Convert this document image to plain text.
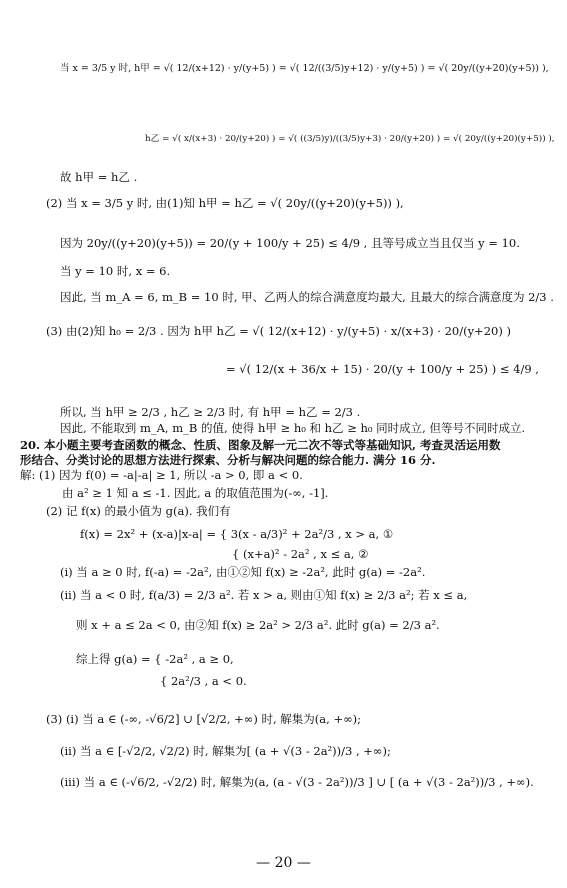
当 x = 3/5 y 时, h甲 = √( 12/(x+12) · y/(y+5) ) = √( 12/((3/5)y+12) · y/(y+5) ) = √( 20y/((y+20)(y+5)) ),
h乙 = √( x/(x+3) · 20/(y+20) ) = √( ((3/5)y)/((3/5)y+3) · 20/(y+20) ) = √( 20y/((y+20)(y+5)) ),
故 h甲 = h乙 .
(2) 当 x = 3/5 y 时, 由(1)知 h甲 = h乙 = √( 20y/((y+20)(y+5)) ),
因为 20y/((y+20)(y+5)) = 20/(y + 100/y + 25) ≤ 4/9 , 且等号成立当且仅当 y = 10.
当 y = 10 时, x = 6.
因此, 当 m_A = 6, m_B = 10 时, 甲、乙两人的综合满意度均最大, 且最大的综合满意度为 2/3 .
(3) 由(2)知 h₀ = 2/3 . 因为 h甲 h乙 = √( 12/(x+12) · y/(y+5) · x/(x+3) · 20/(y+20) )
= √( 12/(x + 36/x + 15) · 20/(y + 100/y + 25) ) ≤ 4/9 ,
所以, 当 h甲 ≥ 2/3 , h乙 ≥ 2/3 时, 有 h甲 = h乙 = 2/3 .
因此, 不能取到 m_A, m_B 的值, 使得 h甲 ≥ h₀ 和 h乙 ≥ h₀ 同时成立, 但等号不同时成立.
20. 本小题主要考查函数的概念、性质、图象及解一元二次不等式等基础知识, 考查灵活运用数
形结合、分类讨论的思想方法进行探索、分析与解决问题的综合能力. 满分 16 分.
解: (1) 因为 f(0) = -a|-a| ≥ 1, 所以 -a > 0, 即 a < 0.
由 a² ≥ 1 知 a ≤ -1. 因此, a 的取值范围为(-∞, -1].
(2) 记 f(x) 的最小值为 g(a). 我们有
f(x) = 2x² + (x-a)|x-a| = { 3(x - a/3)² + 2a²/3 , x > a, ①
{ (x+a)² - 2a² , x ≤ a, ②
(i) 当 a ≥ 0 时, f(-a) = -2a², 由①②知 f(x) ≥ -2a², 此时 g(a) = -2a².
(ii) 当 a < 0 时, f(a/3) = 2/3 a². 若 x > a, 则由①知 f(x) ≥ 2/3 a²; 若 x ≤ a,
则 x + a ≤ 2a < 0, 由②知 f(x) ≥ 2a² > 2/3 a². 此时 g(a) = 2/3 a².
综上得 g(a) = { -2a² , a ≥ 0,
{ 2a²/3 , a < 0.
(3) (i) 当 a ∈ (-∞, -√6/2] ∪ [√2/2, +∞) 时, 解集为(a, +∞);
(ii) 当 a ∈ [-√2/2, √2/2) 时, 解集为[ (a + √(3 - 2a²))/3 , +∞);
(iii) 当 a ∈ (-√6/2, -√2/2) 时, 解集为(a, (a - √(3 - 2a²))/3 ] ∪ [ (a + √(3 - 2a²))/3 , +∞).
— 20 —
